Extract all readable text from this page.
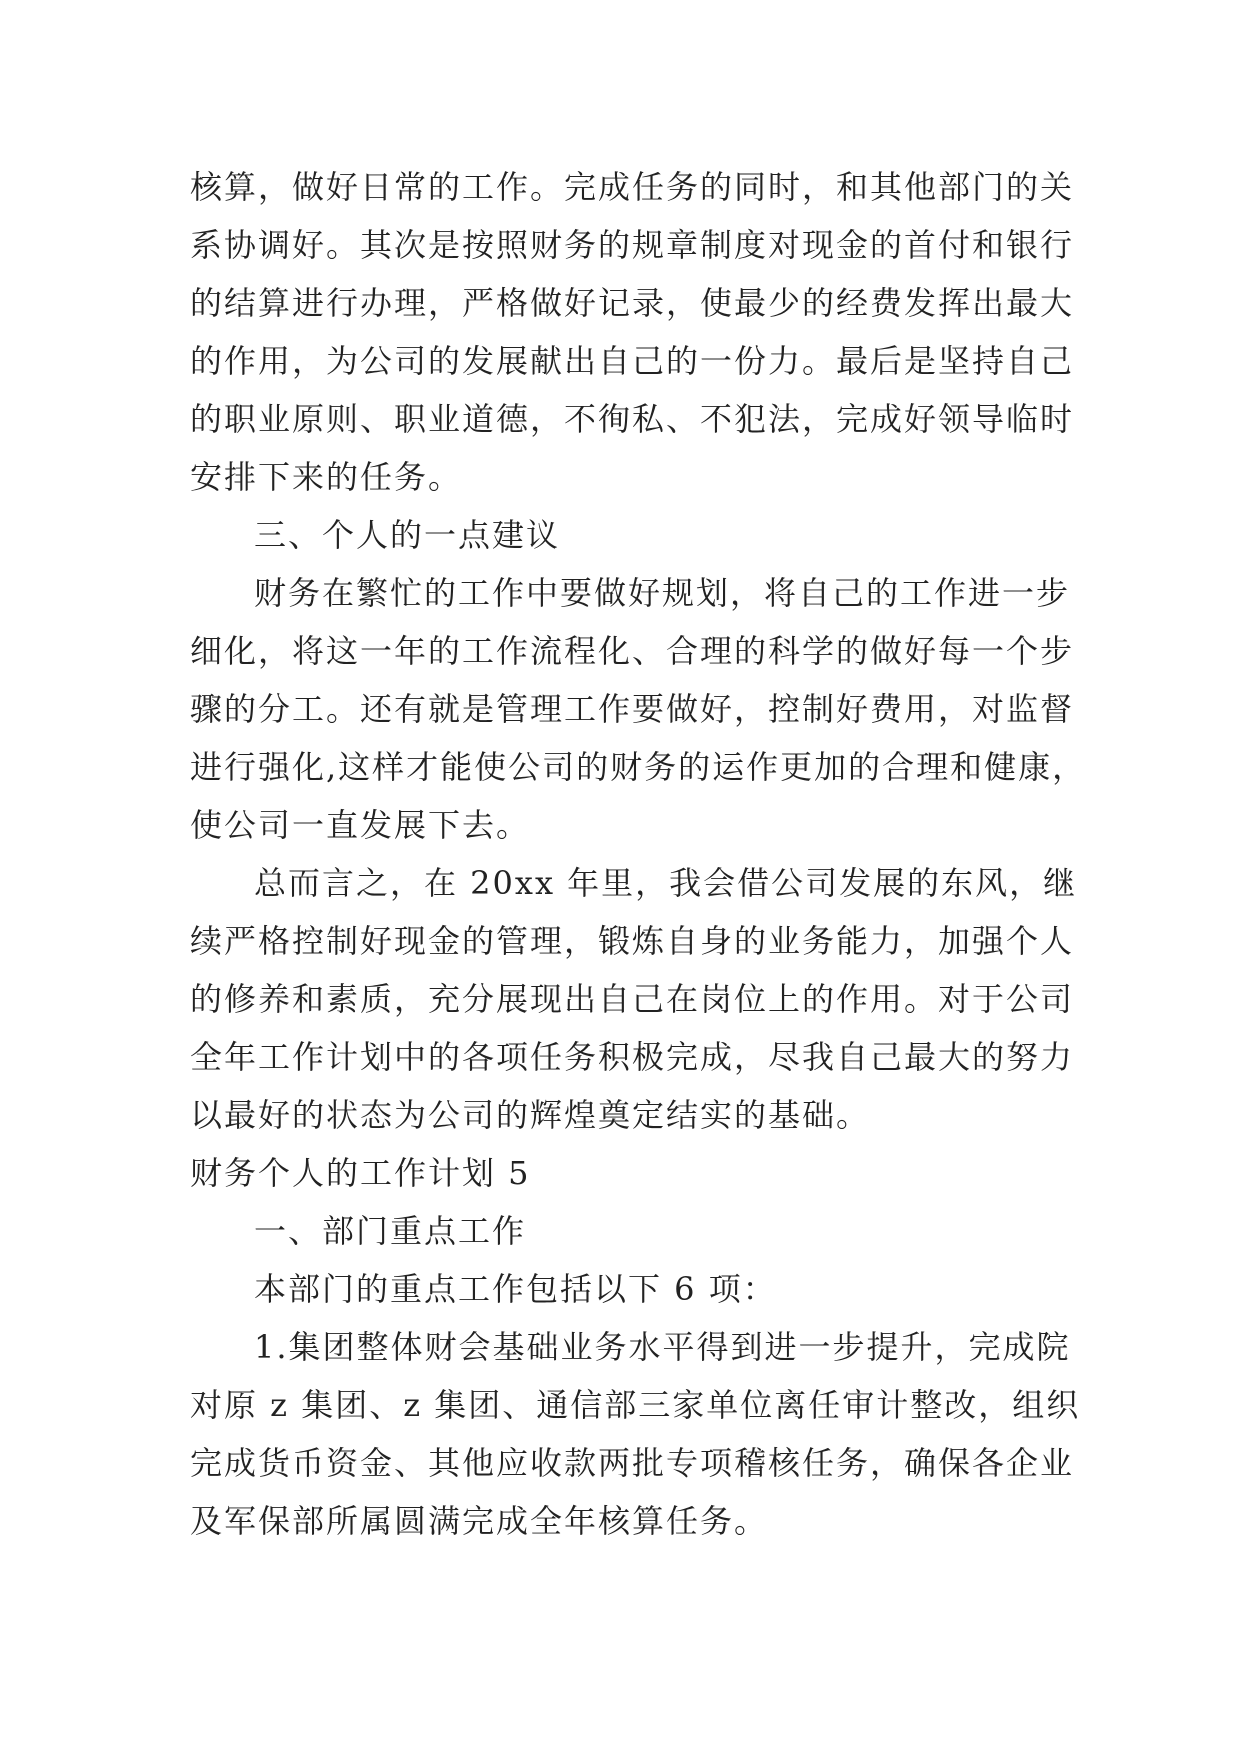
核算，做好日常的工作。完成任务的同时，和其他部门的关
系协调好。其次是按照财务的规章制度对现金的首付和银行
的结算进行办理，严格做好记录，使最少的经费发挥出最大
的作用，为公司的发展献出自己的一份力。最后是坚持自己
的职业原则、职业道德，不徇私、不犯法，完成好领导临时
安排下来的任务。
三、个人的一点建议
财务在繁忙的工作中要做好规划，将自己的工作进一步
细化，将这一年的工作流程化、合理的科学的做好每一个步
骤的分工。还有就是管理工作要做好，控制好费用，对监督
进行强化,这样才能使公司的财务的运作更加的合理和健康，
使公司一直发展下去。
总而言之，在 20xx 年里，我会借公司发展的东风，继
续严格控制好现金的管理，锻炼自身的业务能力，加强个人
的修养和素质，充分展现出自己在岗位上的作用。对于公司
全年工作计划中的各项任务积极完成，尽我自己最大的努力
以最好的状态为公司的辉煌奠定结实的基础。
财务个人的工作计划 5
一、部门重点工作
本部门的重点工作包括以下 6 项：
1.集团整体财会基础业务水平得到进一步提升，完成院
对原 z 集团、z 集团、通信部三家单位离任审计整改，组织
完成货币资金、其他应收款两批专项稽核任务，确保各企业
及军保部所属圆满完成全年核算任务。
